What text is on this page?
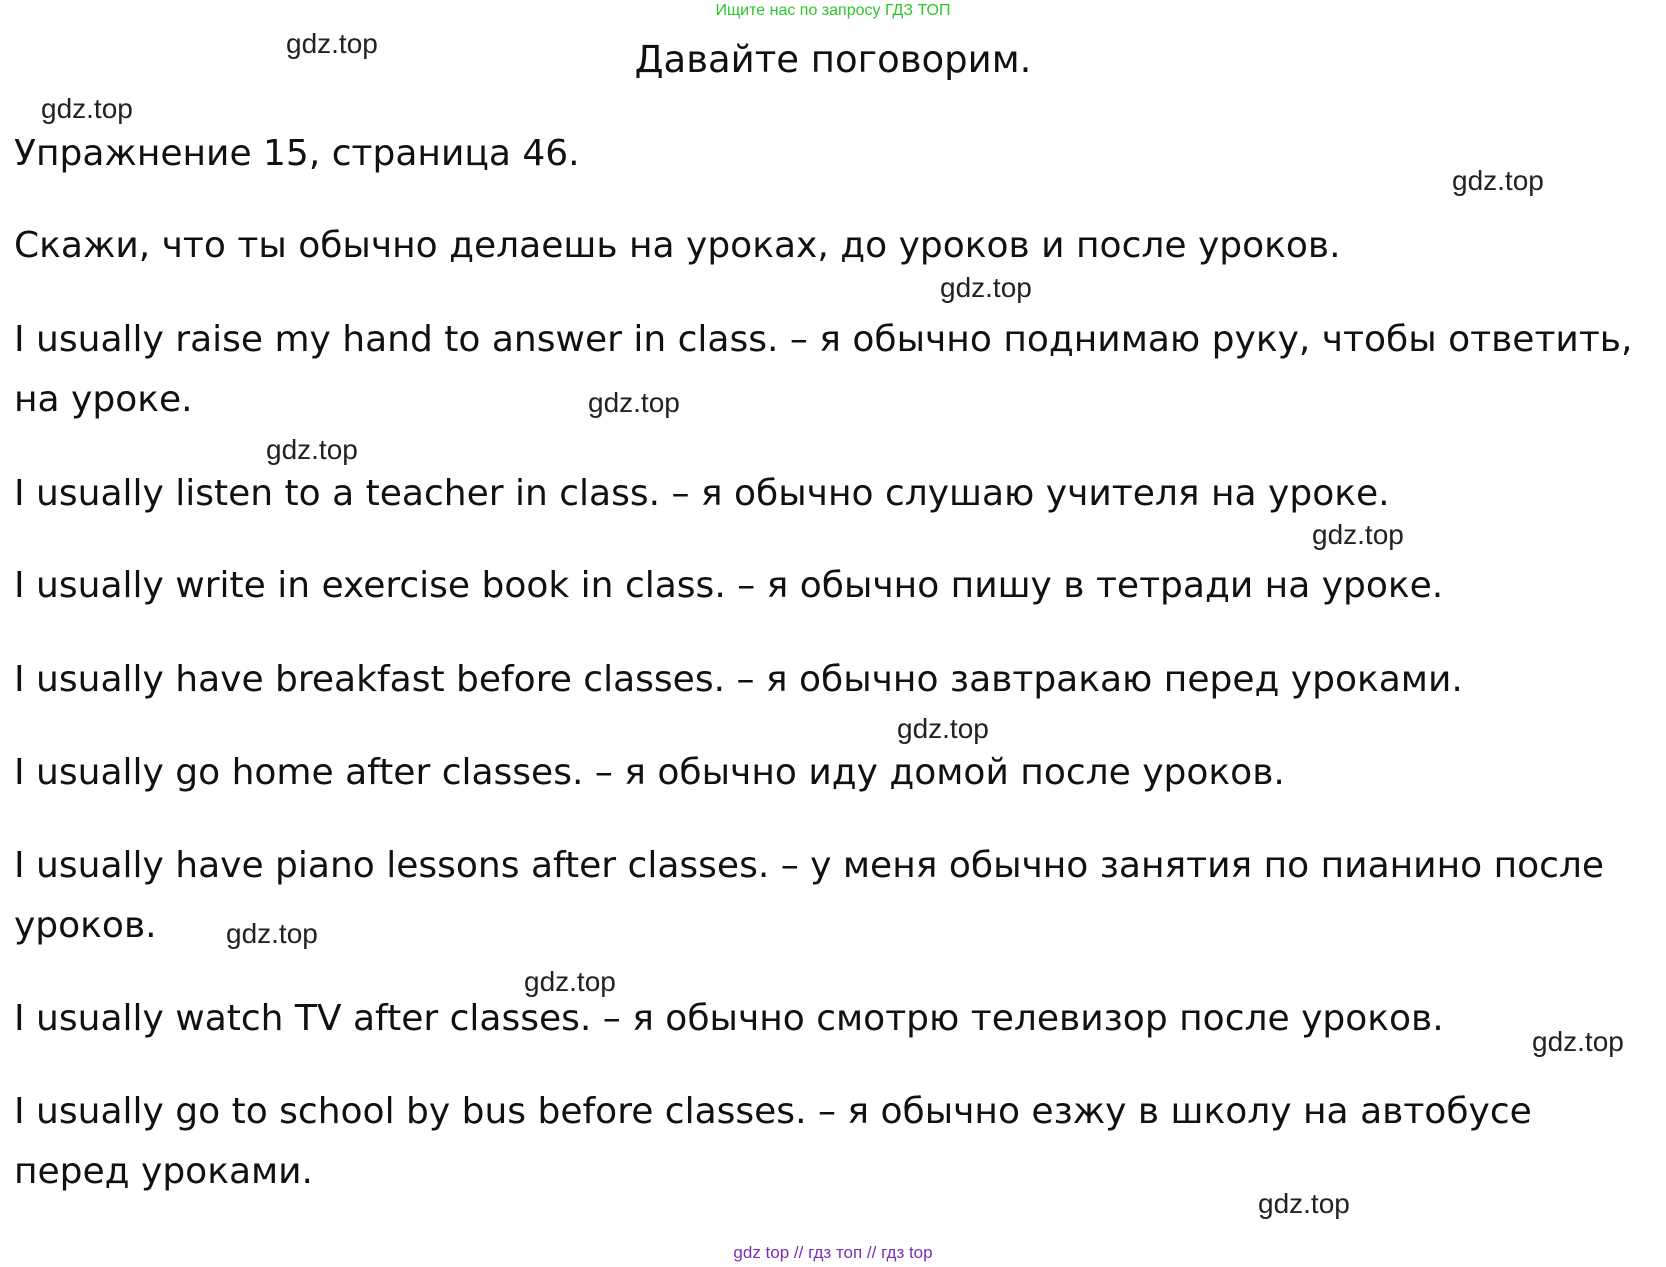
Ищите нас по запросу ГДЗ ТОП
Давайте поговорим.
Упражнение 15, страница 46.
Скажи, что ты обычно делаешь на уроках, до уроков и после уроков.
I usually raise my hand to answer in class. – я обычно поднимаю руку, чтобы ответить,
на уроке.
I usually listen to a teacher in class. – я обычно слушаю учителя на уроке.
I usually write in exercise book in class. – я обычно пишу в тетради на уроке.
I usually have breakfast before classes. – я обычно завтракаю перед уроками.
I usually go home after classes. – я обычно иду домой после уроков.
I usually have piano lessons after classes. – у меня обычно занятия по пианино после
уроков.
I usually watch TV after classes. – я обычно смотрю телевизор после уроков.
I usually go to school by bus before classes. – я обычно езжу в школу на автобусе
перед уроками.
gdz.top
gdz.top
gdz.top
gdz.top
gdz.top
gdz.top
gdz.top
gdz.top
gdz.top
gdz.top
gdz.top
gdz.top
gdz top // гдз топ // гдз top
